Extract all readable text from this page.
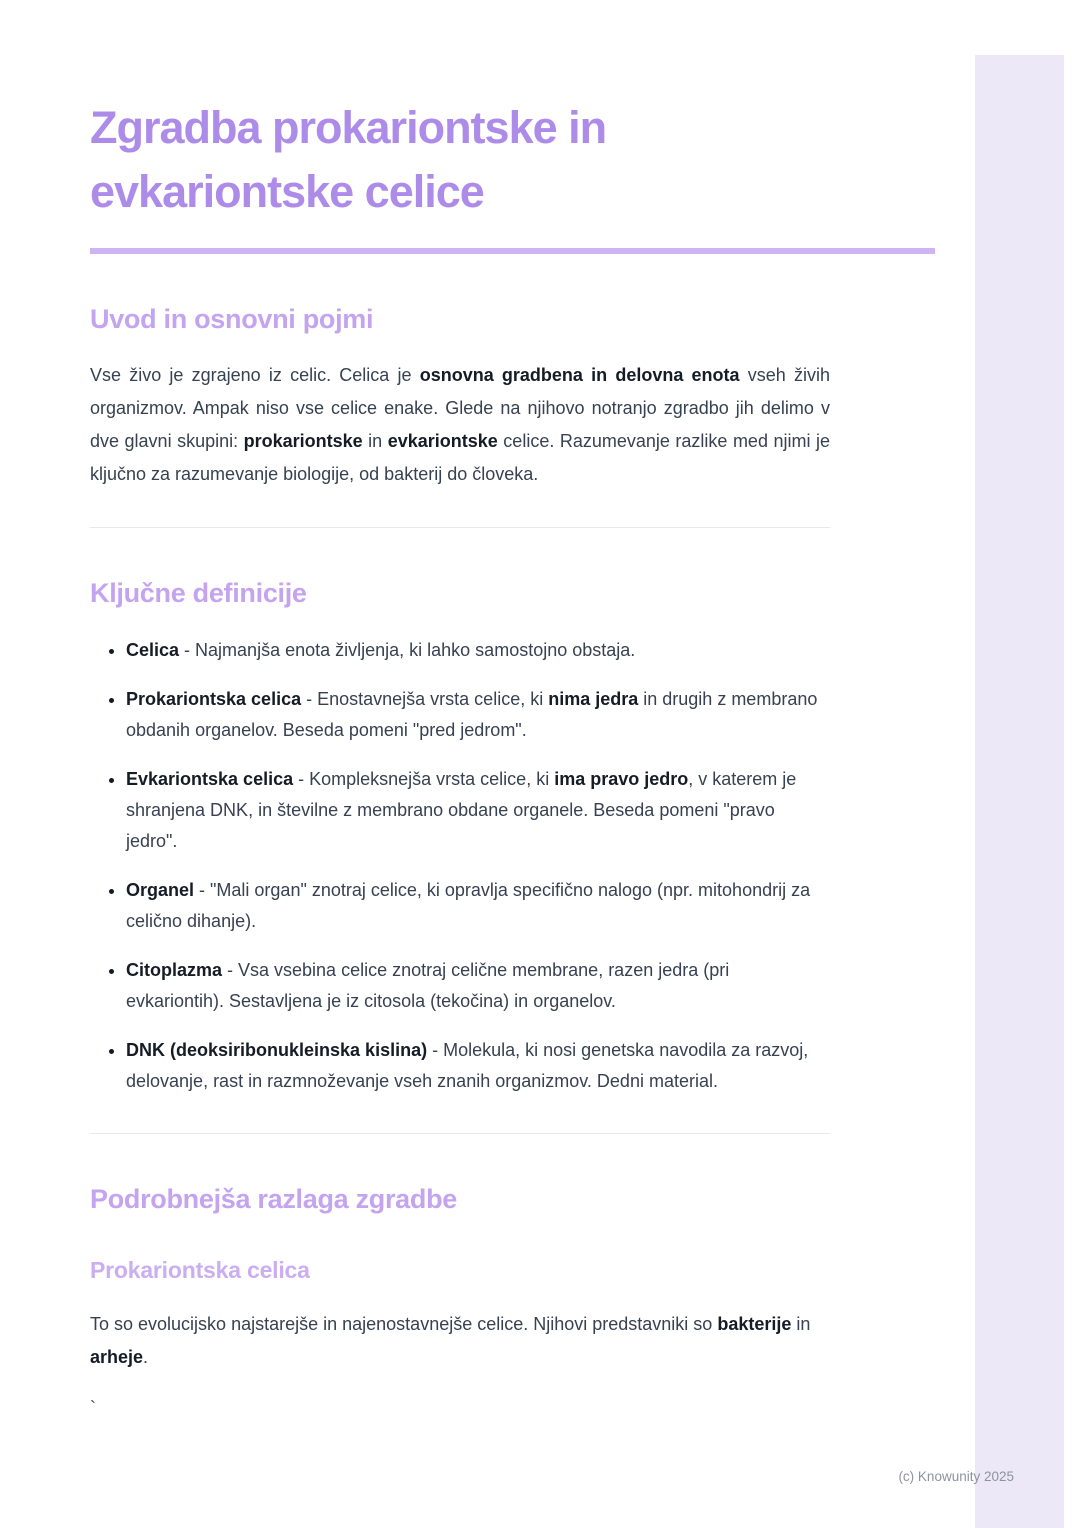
Zgradba prokariontske in
evkariontske celice
Uvod in osnovni pojmi

Vse živo je zgrajeno iz celic. Celica je osnovna gradbena in delovna enota vseh živih organizmov. Ampak niso vse celice enake. Glede na njihovo notranjo zgradbo jih delimo v dve glavni skupini: prokariontske in evkariontske celice. Razumevanje razlike med njimi je ključno za razumevanje biologije, od bakterij do človeka.

Ključne definicije
• Celica - Najmanjša enota življenja, ki lahko samostojno obstaja.
• Prokariontska celica - Enostavnejša vrsta celice, ki nima jedra in drugih z membrano obdanih organelov. Beseda pomeni "pred jedrom".
• Evkariontska celica - Kompleksnejša vrsta celice, ki ima pravo jedro, v katerem je shranjena DNK, in številne z membrano obdane organele. Beseda pomeni "pravo jedro".
• Organel - "Mali organ" znotraj celice, ki opravlja specifično nalogo (npr. mitohondrij za celično dihanje).
• Citoplazma - Vsa vsebina celice znotraj celične membrane, razen jedra (pri evkariontih). Sestavljena je iz citosola (tekočina) in organelov.
• DNK (deoksiribonukleinska kislina) - Molekula, ki nosi genetska navodila za razvoj, delovanje, rast in razmnoževanje vseh znanih organizmov. Dedni material.
Podrobnejša razlaga zgradbe
Prokariontska celica

To so evolucijsko najstarejše in najenostavnejše celice. Njihovi predstavniki so bakterije in arheje.

`
(c) Knowunity 2025
